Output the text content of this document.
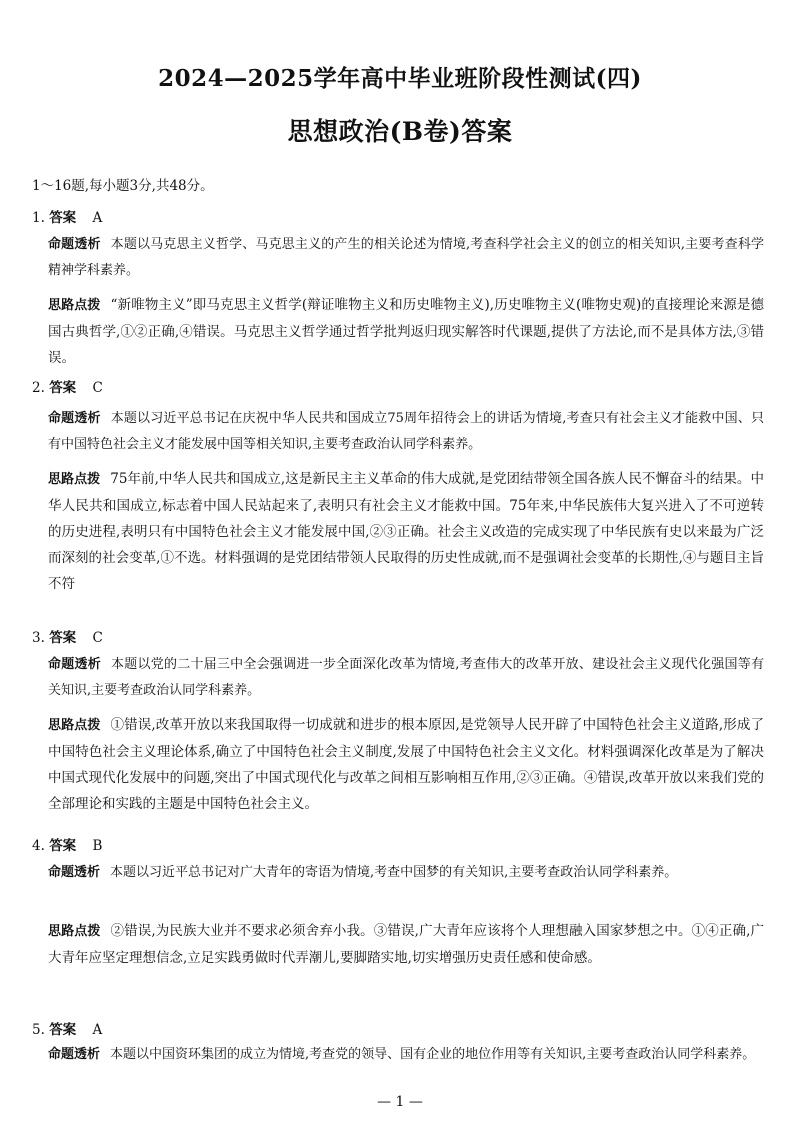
2024—2025学年高中毕业班阶段性测试(四)
思想政治(B卷)答案
1～16题,每小题3分,共48分。
1. 答案 A
命题透析 本题以马克思主义哲学、马克思主义的产生的相关论述为情境,考查科学社会主义的创立的相关知识,主要考查科学精神学科素养。
思路点拨 “新唯物主义”即马克思主义哲学(辩证唯物主义和历史唯物主义),历史唯物主义(唯物史观)的直接理论来源是德国古典哲学,①②正确,④错误。马克思主义哲学通过哲学批判返归现实解答时代课题,提供了方法论,而不是具体方法,③错误。
2. 答案 C
命题透析 本题以习近平总书记在庆祝中华人民共和国成立75周年招待会上的讲话为情境,考查只有社会主义才能救中国、只有中国特色社会主义才能发展中国等相关知识,主要考查政治认同学科素养。
思路点拨 75年前,中华人民共和国成立,这是新民主主义革命的伟大成就,是党团结带领全国各族人民不懈奋斗的结果。中华人民共和国成立,标志着中国人民站起来了,表明只有社会主义才能救中国。75年来,中华民族伟大复兴进入了不可逆转的历史进程,表明只有中国特色社会主义才能发展中国,②③正确。社会主义改造的完成实现了中华民族有史以来最为广泛而深刻的社会变革,①不选。材料强调的是党团结带领人民取得的历史性成就,而不是强调社会变革的长期性,④与题目主旨不符
3. 答案 C
命题透析 本题以党的二十届三中全会强调进一步全面深化改革为情境,考查伟大的改革开放、建设社会主义现代化强国等有关知识,主要考查政治认同学科素养。
思路点拨 ①错误,改革开放以来我国取得一切成就和进步的根本原因,是党领导人民开辟了中国特色社会主义道路,形成了中国特色社会主义理论体系,确立了中国特色社会主义制度,发展了中国特色社会主义文化。材料强调深化改革是为了解决中国式现代化发展中的问题,突出了中国式现代化与改革之间相互影响相互作用,②③正确。④错误,改革开放以来我们党的全部理论和实践的主题是中国特色社会主义。
4. 答案 B
命题透析 本题以习近平总书记对广大青年的寄语为情境,考查中国梦的有关知识,主要考查政治认同学科素养。
思路点拨 ②错误,为民族大业并不要求必须舍弃小我。③错误,广大青年应该将个人理想融入国家梦想之中。①④正确,广大青年应坚定理想信念,立足实践勇做时代弄潮儿,要脚踏实地,切实增强历史责任感和使命感。
5. 答案 A
命题透析 本题以中国资环集团的成立为情境,考查党的领导、国有企业的地位作用等有关知识,主要考查政治认同学科素养。
— 1 —
